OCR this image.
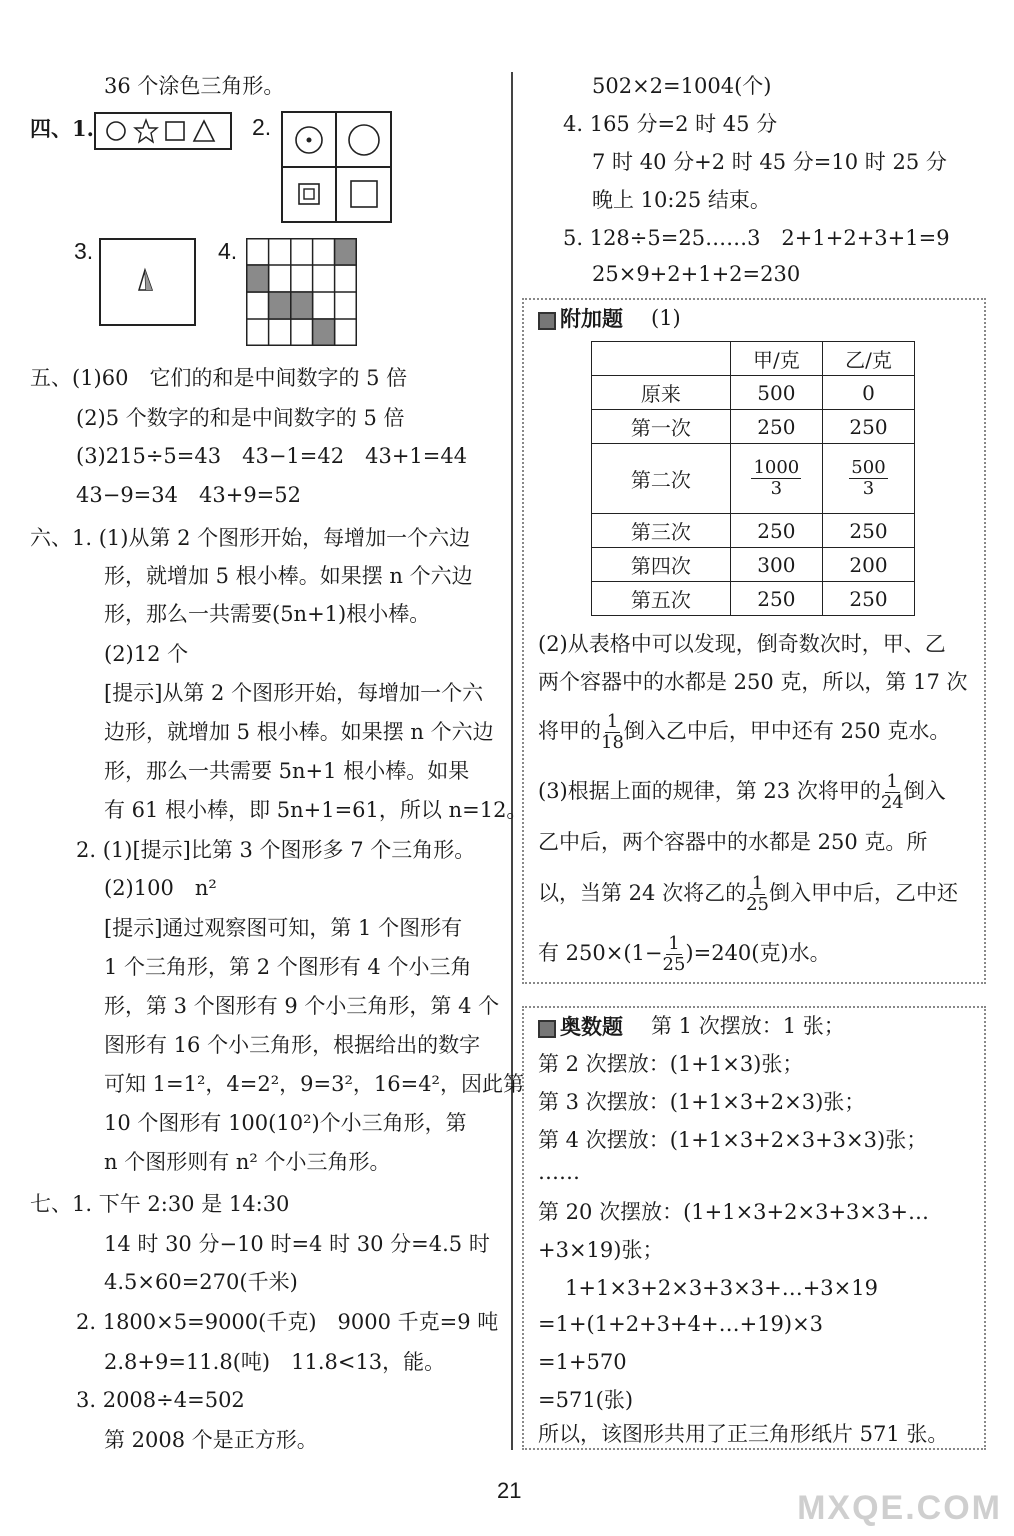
36 个涂色三角形。
四、1.	2.
3.	4.
五、(1)60　它们的和是中间数字的 5 倍
(2)5 个数字的和是中间数字的 5 倍
(3)215÷5=43　43−1=42　43+1=44
43−9=34　43+9=52
六、1. (1)从第 2 个图形开始，每增加一个六边
形，就增加 5 根小棒。如果摆 n 个六边
形，那么一共需要(5n+1)根小棒。
(2)12 个
[提示]从第 2 个图形开始，每增加一个六
边形，就增加 5 根小棒。如果摆 n 个六边
形，那么一共需要 5n+1 根小棒。如果
有 61 根小棒，即 5n+1=61，所以 n=12。
2. (1)[提示]比第 3 个图形多 7 个三角形。
(2)100　n²
[提示]通过观察图可知，第 1 个图形有
1 个三角形，第 2 个图形有 4 个小三角
形，第 3 个图形有 9 个小三角形，第 4 个
图形有 16 个小三角形，根据给出的数字
可知 1=1²，4=2²，9=3²，16=4²，因此第
10 个图形有 100(10²)个小三角形，第
n 个图形则有 n² 个小三角形。
七、1. 下午 2:30 是 14:30
14 时 30 分−10 时=4 时 30 分=4.5 时
4.5×60=270(千米)
2. 1800×5=9000(千克)　9000 千克=9 吨
2.8+9=11.8(吨)　11.8<13，能。
3. 2008÷4=502
第 2008 个是正方形。
502×2=1004(个)
4. 165 分=2 时 45 分
7 时 40 分+2 时 45 分=10 时 25 分
晚上 10:25 结束。
5. 128÷5=25……3　2+1+2+3+1=9
25×9+2+1+2=230
附加题 (1)
	甲/克	乙/克
原来	500	0
第一次	250	250
第二次	$\frac{1000}{3}$	$\frac{500}{3}$

第三次	250	250
第四次	300	200
第五次	250	250
(2)从表格中可以发现，倒奇数次时，甲、乙
两个容器中的水都是 250 克，所以，第 17 次
将甲的 $\frac{1}{18}$ 倒入乙中后，甲中还有 250 克水。
(3)根据上面的规律，第 23 次将甲的 $\frac{1}{24}$ 倒入
乙中后，两个容器中的水都是 250 克。所
以，当第 24 次将乙的 $\frac{1}{25}$ 倒入甲中后，乙中还
有 $250\times(1- \frac{1}{25} )=240$(克)水。
奥数题 第 1 次摆放：1 张；
第 2 次摆放：(1+1×3)张；
第 3 次摆放：(1+1×3+2×3)张；
第 4 次摆放：(1+1×3+2×3+3×3)张；
……
第 20 次摆放：(1+1×3+2×3+3×3+…
+3×19)张；
1+1×3+2×3+3×3+…+3×19
=1+(1+2+3+4+…+19)×3
=1+570
=571(张)
所以，该图形共用了正三角形纸片 571 张。
21	MXQE.COM
